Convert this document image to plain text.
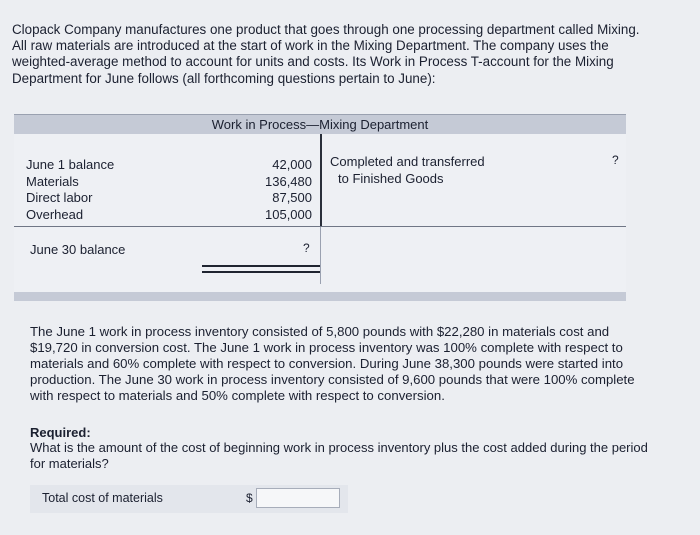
Clopack Company manufactures one product that goes through one processing department called Mixing.

All raw materials are introduced at the start of work in the Mixing Department. The company uses the

weighted-average method to account for units and costs. Its Work in Process T-account for the Mixing

Department for June follows (all forthcoming questions pertain to June):

Work in Process—Mixing Department
June 1 balance
Materials
Direct labor
Overhead
42,000
136,480
87,500
105,000
Completed and transferred
to Finished Goods
?
June 30 balance	?

The June 1 work in process inventory consisted of 5,800 pounds with $22,280 in materials cost and

$19,720 in conversion cost. The June 1 work in process inventory was 100% complete with respect to

materials and 60% complete with respect to conversion. During June 38,300 pounds were started into

production. The June 30 work in process inventory consisted of 9,600 pounds that were 100% complete

with respect to materials and 50% complete with respect to conversion.

Required:
What is the amount of the cost of beginning work in process inventory plus the cost added during the period
for materials?
Total cost of materials	$
